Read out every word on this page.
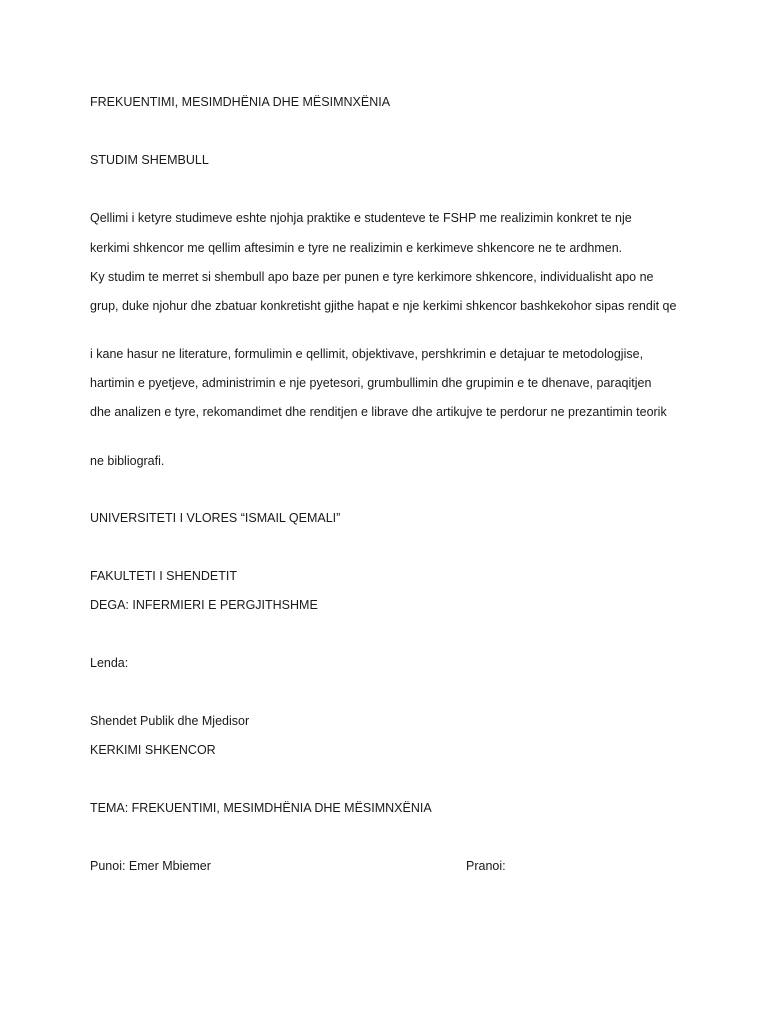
FREKUENTIMI, MESIMDHËNIA DHE MËSIMNXËNIA
STUDIM SHEMBULL
Qellimi i ketyre studimeve eshte njohja praktike e studenteve te FSHP me realizimin konkret te nje
kerkimi shkencor me qellim aftesimin e tyre ne realizimin e kerkimeve shkencore ne te ardhmen.
Ky studim te merret si shembull apo baze per punen e tyre kerkimore shkencore, individualisht apo ne
grup, duke njohur dhe zbatuar konkretisht gjithe hapat e nje kerkimi shkencor bashkekohor sipas rendit qe
i kane hasur ne literature, formulimin e qellimit, objektivave, pershkrimin e detajuar te metodologjise,
hartimin e pyetjeve, administrimin e nje pyetesori, grumbullimin dhe grupimin e te dhenave, paraqitjen
dhe analizen e tyre, rekomandimet dhe renditjen e librave dhe artikujve te perdorur ne prezantimin teorik
ne bibliografi.
UNIVERSITETI I VLORES “ISMAIL QEMALI”
FAKULTETI I SHENDETIT
DEGA: INFERMIERI E PERGJITHSHME
Lenda:
Shendet Publik dhe Mjedisor
KERKIMI SHKENCOR
TEMA: FREKUENTIMI, MESIMDHËNIA DHE MËSIMNXËNIA
Punoi: Emer Mbiemer	Pranoi:
